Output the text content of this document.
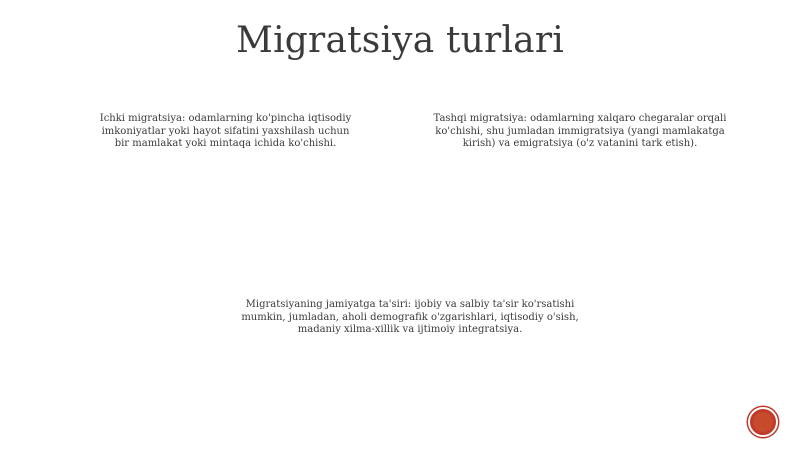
Migratsiya turlari
Ichki migratsiya: odamlarning ko'pincha iqtisodiy imkoniyatlar yoki hayot sifatini yaxshilash uchun bir mamlakat yoki mintaqa ichida ko'chishi.
Tashqi migratsiya: odamlarning xalqaro chegaralar orqali ko'chishi, shu jumladan immigratsiya (yangi mamlakatga kirish) va emigratsiya (o'z vatanini tark etish).
Migratsiyaning jamiyatga ta'siri: ijobiy va salbiy ta'sir ko'rsatishi mumkin, jumladan, aholi demografik o'zgarishlari, iqtisodiy o'sish, madaniy xilma-xillik va ijtimoiy integratsiya.
